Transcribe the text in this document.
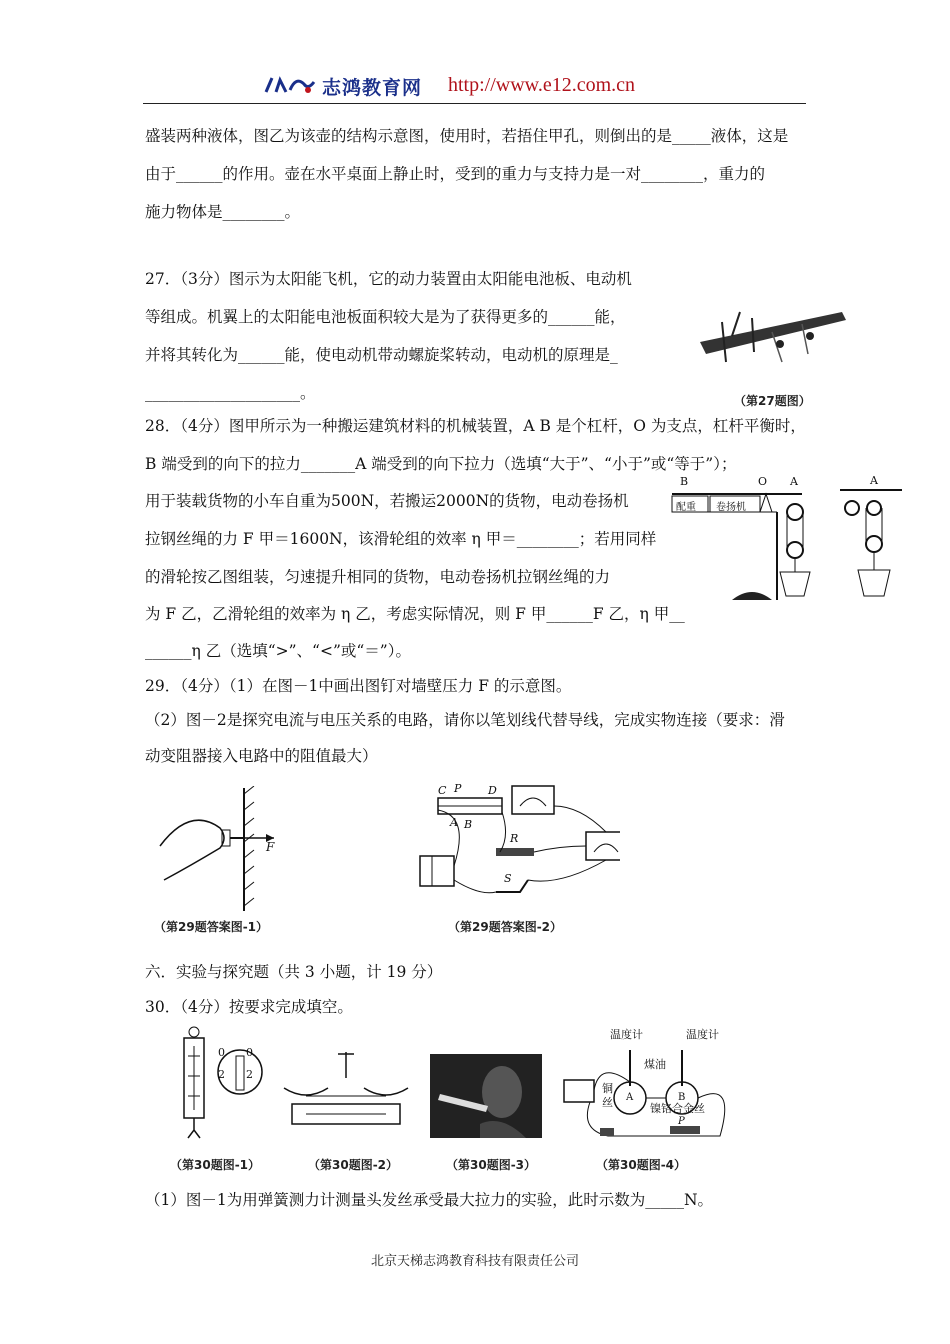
志鸿教育网 http://www.e12.com.cn
盛装两种液体，图乙为该壶的结构示意图，使用时，若捂住甲孔，则倒出的是_____液体，这是
由于______的作用。壶在水平桌面上静止时，受到的重力与支持力是一对________，重力的
施力物体是________。
27．（3分）图示为太阳能飞机，它的动力装置由太阳能电池板、电动机
等组成。机翼上的太阳能电池板面积较大是为了获得更多的______能，
并将其转化为______能，使电动机带动螺旋桨转动，电动机的原理是_
____________________。
28．（4分）图甲所示为一种搬运建筑材料的机械装置，A B 是个杠杆，O 为支点，杠杆平衡时，
B 端受到的向下的拉力_______A 端受到的向下拉力（选填“大于”、“小于”或“等于”）；
用于装载货物的小车自重为500N，若搬运2000N的货物，电动卷扬机
拉钢丝绳的力 F 甲＝1600N，该滑轮组的效率 η 甲＝________；若用同样
的滑轮按乙图组装，匀速提升相同的货物，电动卷扬机拉钢丝绳的力
为 F 乙，乙滑轮组的效率为 η 乙，考虑实际情况，则 F 甲______F 乙，η 甲__
______η 乙（选填“>”、“<”或“＝”）。
29．（4分）（1）在图－1中画出图钉对墙壁压力 F 的示意图。
（2）图－2是探究电流与电压关系的电路，请你以笔划线代替导线，完成实物连接（要求：滑
动变阻器接入电路中的阻值最大）
六．实验与探究题（共 3 小题，计 19 分）
30．（4分）按要求完成填空。
（1）图－1为用弹簧测力计测量头发丝承受最大拉力的实验，此时示数为_____N。
（第27题图）
B	O A	A
配重 卷扬机
F
（第29题答案图-1）
C P D
A B
R
S
（第29题答案图-2）
0 0
2 2
温度计	温度计
煤油
铜丝	镍铬合金丝
A	B
P
（第30题图-1）	（第30题图-2）	（第30题图-3）	（第30题图-4）
北京天梯志鸿教育科技有限责任公司
